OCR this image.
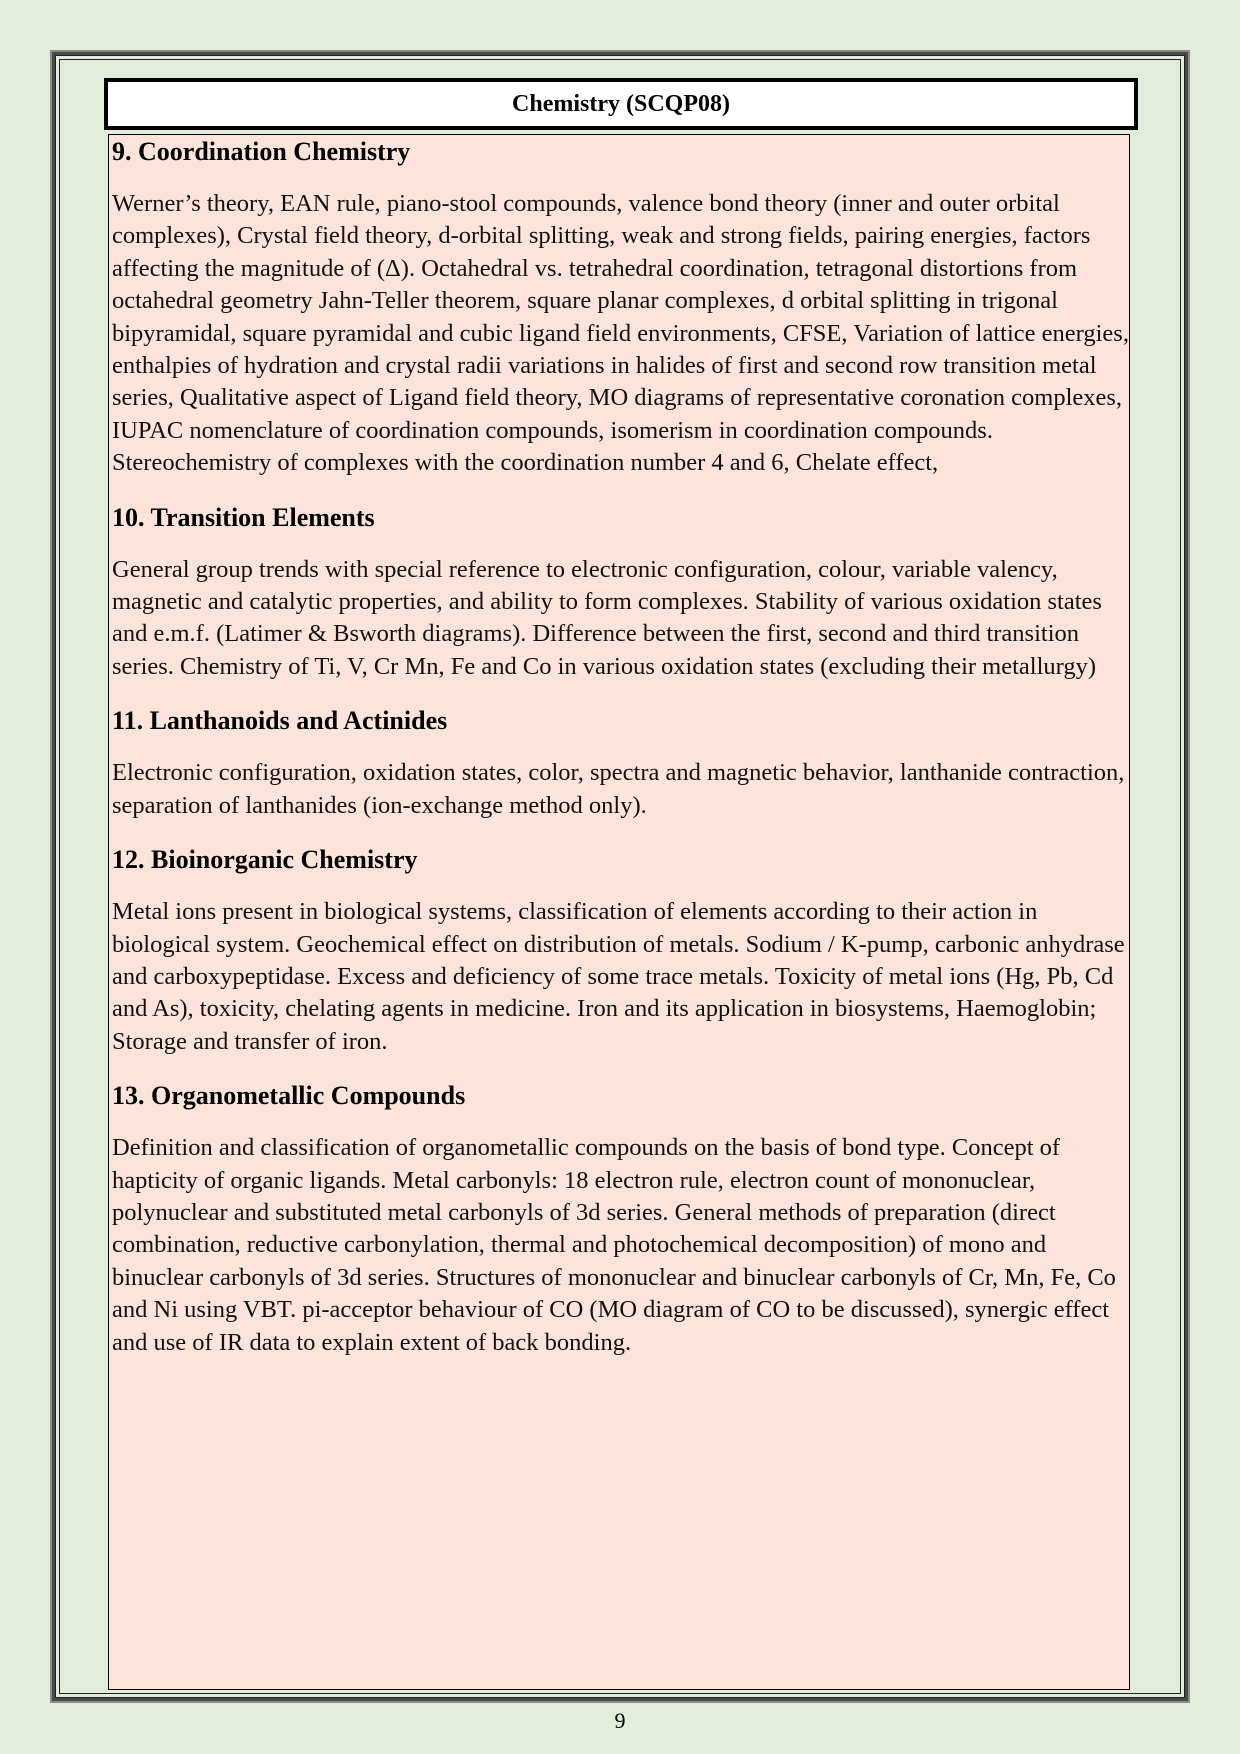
Chemistry (SCQP08)
9. Coordination Chemistry

Werner’s theory, EAN rule, piano-stool compounds, valence bond theory (inner and outer orbital complexes), Crystal field theory, d-orbital splitting, weak and strong fields, pairing energies, factors affecting the magnitude of (Δ). Octahedral vs. tetrahedral coordination, tetragonal distortions from octahedral geometry Jahn-Teller theorem, square planar complexes, d orbital splitting in trigonal bipyramidal, square pyramidal and cubic ligand field environments, CFSE, Variation of lattice energies, enthalpies of hydration and crystal radii variations in halides of first and second row transition metal series, Qualitative aspect of Ligand field theory, MO diagrams of representative coronation complexes, IUPAC nomenclature of coordination compounds, isomerism in coordination compounds. Stereochemistry of complexes with the coordination number 4 and 6, Chelate effect,

10. Transition Elements

General group trends with special reference to electronic configuration, colour, variable valency, magnetic and catalytic properties, and ability to form complexes. Stability of various oxidation states and e.m.f. (Latimer & Bsworth diagrams). Difference between the first, second and third transition series. Chemistry of Ti, V, Cr Mn, Fe and Co in various oxidation states (excluding their metallurgy)

11. Lanthanoids and Actinides

Electronic configuration, oxidation states, color, spectra and magnetic behavior, lanthanide contraction, separation of lanthanides (ion-exchange method only).

12. Bioinorganic Chemistry

Metal ions present in biological systems, classification of elements according to their action in biological system. Geochemical effect on distribution of metals. Sodium / K-pump, carbonic anhydrase and carboxypeptidase. Excess and deficiency of some trace metals. Toxicity of metal ions (Hg, Pb, Cd and As), toxicity, chelating agents in medicine. Iron and its application in biosystems, Haemoglobin; Storage and transfer of iron.

13. Organometallic Compounds

Definition and classification of organometallic compounds on the basis of bond type. Concept of hapticity of organic ligands. Metal carbonyls: 18 electron rule, electron count of mononuclear, polynuclear and substituted metal carbonyls of 3d series. General methods of preparation (direct combination, reductive carbonylation, thermal and photochemical decomposition) of mono and binuclear carbonyls of 3d series. Structures of mononuclear and binuclear carbonyls of Cr, Mn, Fe, Co and Ni using VBT. pi-acceptor behaviour of CO (MO diagram of CO to be discussed), synergic effect and use of IR data to explain extent of back bonding.

9
